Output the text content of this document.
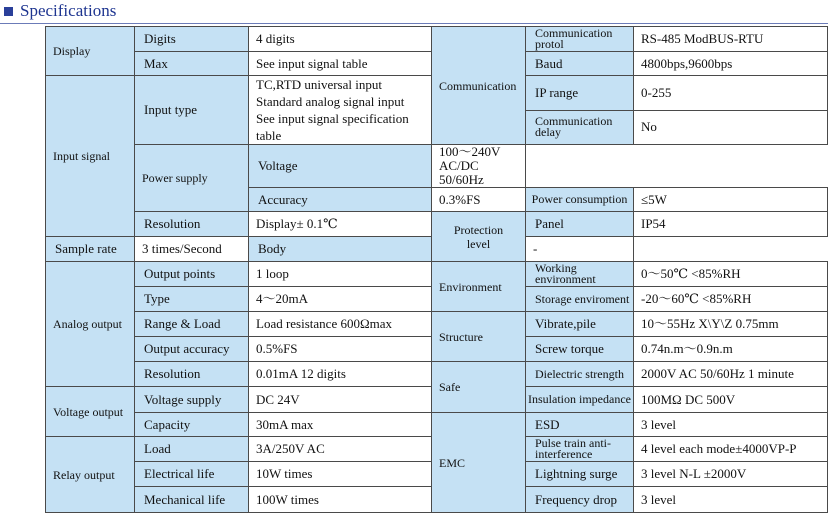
Specifications
Display	Digits	4 digits	Communication	Communication protol	RS-485 ModBUS-RTU
	Max	See input signal table		Baud	4800bps,9600bps
Input signal	Input type	TC,RTD universal input
Standard analog signal input
See input signal specification
table		IP range	0-255
				Communication delay	No
	Power supply	Voltage	100～240V AC/DC 50/60Hz		
		Accuracy	0.3%FS	Power consumption	≤5W
	Resolution	Display± 0.1℃	Protection level	Panel	IP54
Sample rate	3 times/Second	Body		-	
Analog output	Output points	1 loop	Environment	Working environment	0～50℃ <85%RH
	Type	4～20mA		Storage enviroment	-20～60℃ <85%RH
	Range & Load	Load resistance 600Ωmax	Structure	Vibrate,pile	10～55Hz X\Y\Z 0.75mm
	Output accuracy	0.5%FS		Screw torque	0.74n.m～0.9n.m
	Resolution	0.01mA 12 digits	Safe	Dielectric strength	2000V AC 50/60Hz 1 minute
Voltage output	Voltage supply	DC 24V		Insulation impedance	100MΩ DC 500V
	Capacity	30mA max	EMC	ESD	3 level
Relay output	Load	3A/250V AC		Pulse train anti-interference	4 level each mode±4000VP-P
	Electrical life	10W times		Lightning surge	3 level N-L ±2000V
	Mechanical life	100W times		Frequency drop	3 level
